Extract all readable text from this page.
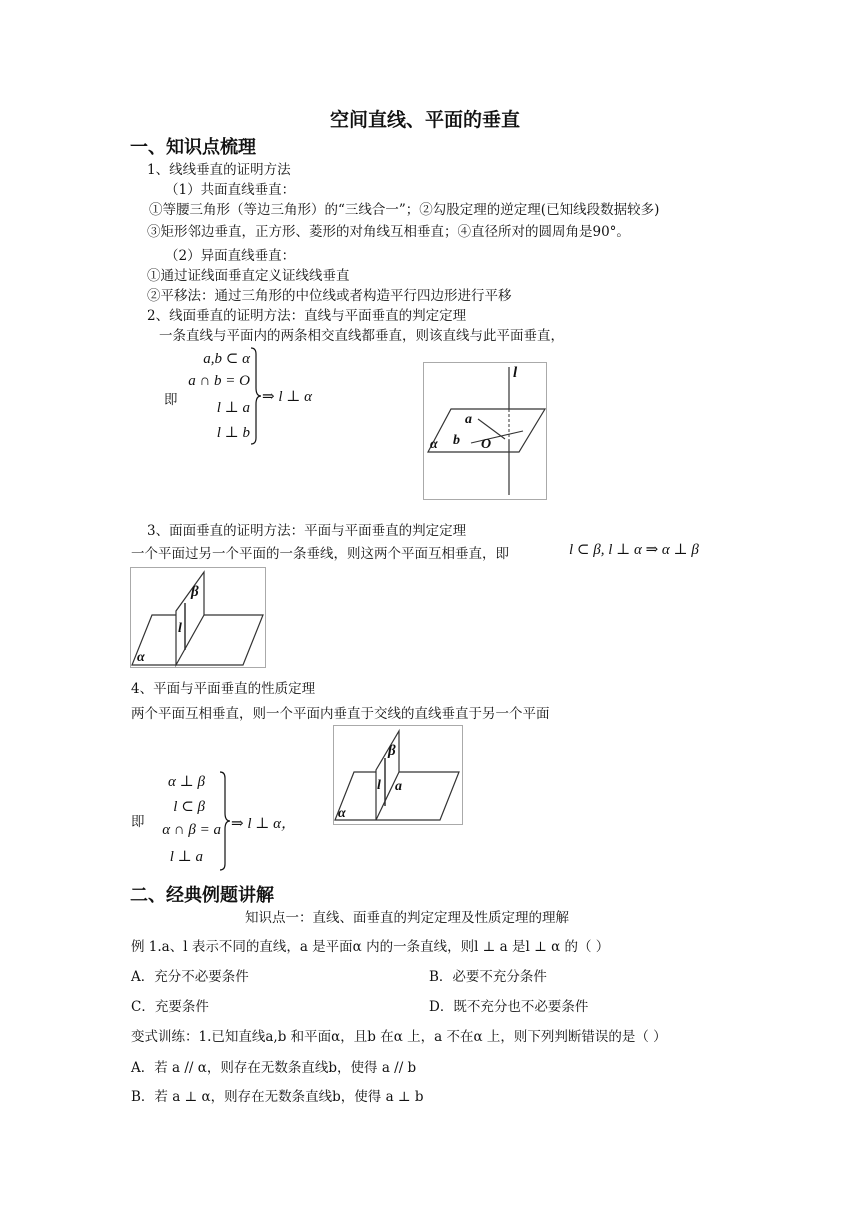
空间直线、平面的垂直
一、知识点梳理
1、线线垂直的证明方法
（1）共面直线垂直：
①等腰三角形（等边三角形）的“三线合一”；②勾股定理的逆定理(已知线段数据较多)
③矩形邻边垂直，正方形、菱形的对角线互相垂直；④直径所对的圆周角是90°。
（2）异面直线垂直：
①通过证线面垂直定义证线线垂直
②平移法：通过三角形的中位线或者构造平行四边形进行平移
2、线面垂直的证明方法：直线与平面垂直的判定定理
一条直线与平面内的两条相交直线都垂直，则该直线与此平面垂直，
即
a,b ⊂ α
a ∩ b = O
l ⊥ a
l ⊥ b
⇒ l ⊥ α
l
a
b O
α
3、面面垂直的证明方法：平面与平面垂直的判定定理
一个平面过另一个平面的一条垂线，则这两个平面互相垂直，即	l ⊂ β, l ⊥ α ⇒ α ⊥ β
β
l
α
4、平面与平面垂直的性质定理
两个平面互相垂直，则一个平面内垂直于交线的直线垂直于另一个平面
即
α ⊥ β
l ⊂ β
α ∩ β = a
l ⊥ a
⇒ l ⊥ α，
β
l a
α
二、经典例题讲解
知识点一：直线、面垂直的判定定理及性质定理的理解
例 1.a、l 表示不同的直线，a 是平面α 内的一条直线，则l ⊥ a 是l ⊥ α 的（ ）
A．充分不必要条件	B．必要不充分条件
C．充要条件	D．既不充分也不必要条件
变式训练：1.已知直线a,b 和平面α，且b 在α 上，a 不在α 上，则下列判断错误的是（ ）
A．若 a // α，则存在无数条直线b，使得 a // b
B．若 a ⊥ α，则存在无数条直线b，使得 a ⊥ b
